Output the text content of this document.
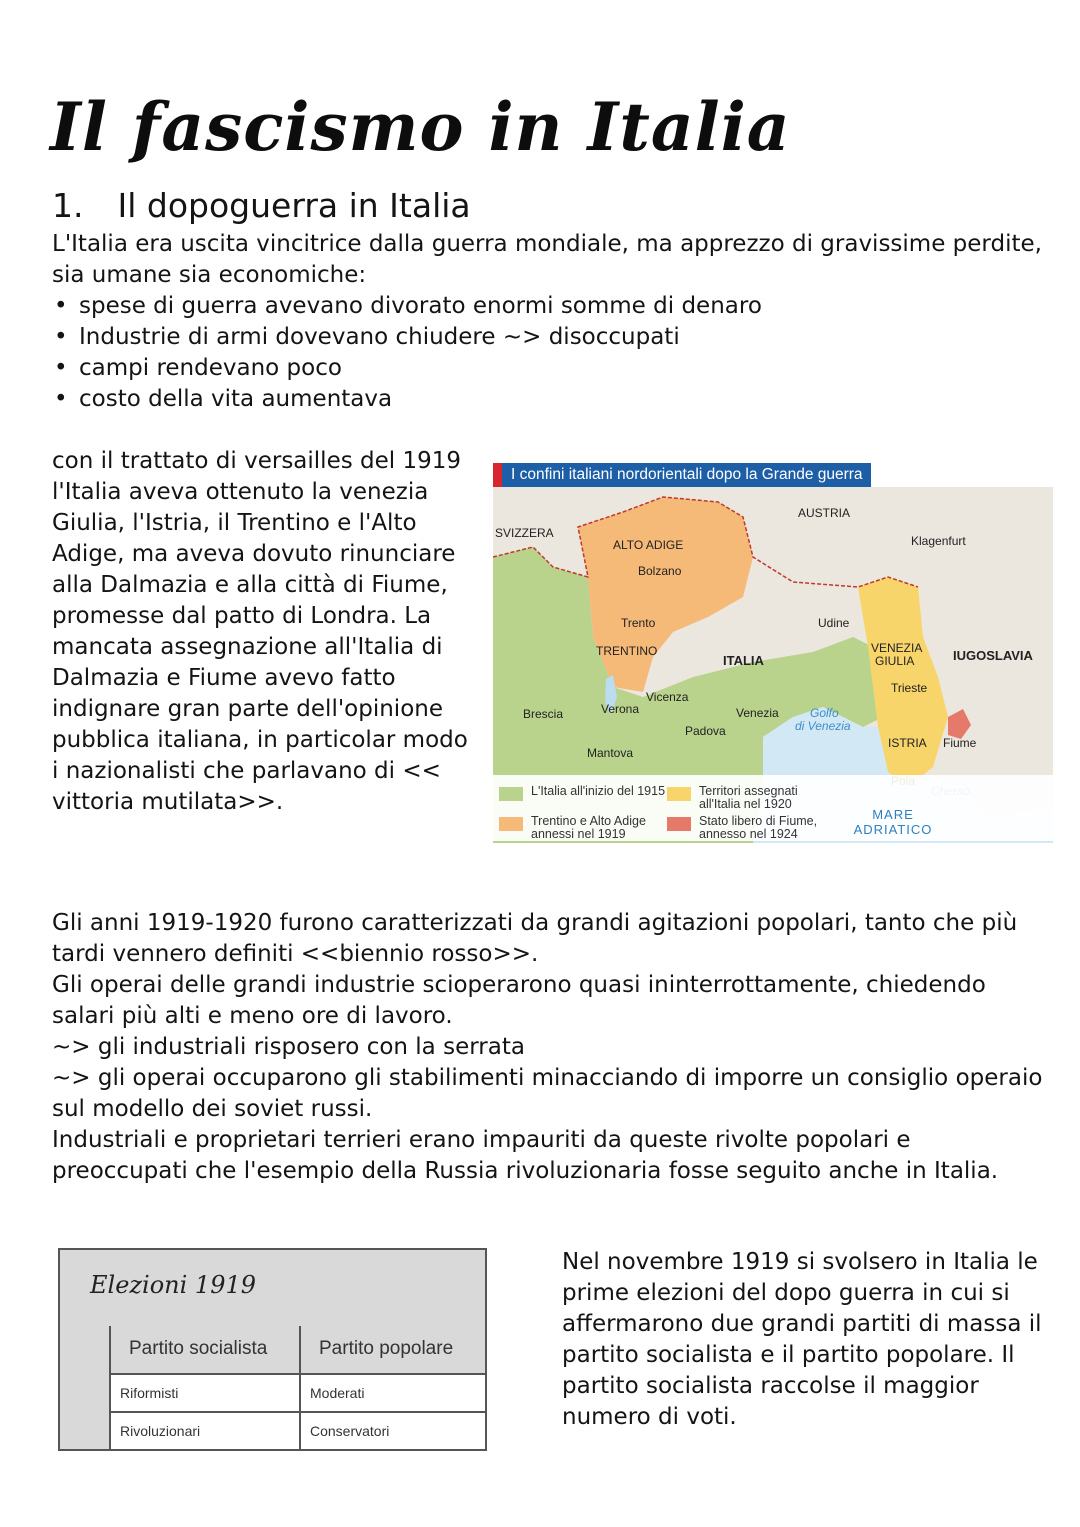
Il fascismo in Italia
1. Il dopoguerra in Italia

L'Italia era uscita vincitrice dalla guerra mondiale, ma apprezzo di gravissime perdite, sia umane sia economiche:

• spese di guerra avevano divorato enormi somme di denaro
• Industrie di armi dovevano chiudere ~> disoccupati
• campi rendevano poco
• costo della vita aumentava

con il trattato di versailles del 1919 l'Italia aveva ottenuto la venezia Giulia, l'Istria, il Trentino e l'Alto Adige, ma aveva dovuto rinunciare alla Dalmazia e alla città di Fiume, promesse dal patto di Londra. La mancata assegnazione all'Italia di Dalmazia e Fiume avevo fatto indignare gran parte dell'opinione pubblica italiana, in particolar modo i nazionalisti che parlavano di << vittoria mutilata>>.

I confini italiani nordorientali dopo la Grande guerra
SVIZZERA
AUSTRIA
ALTO ADIGE
Bolzano
Klagenfurt
Trento
TRENTINO
Udine
ITALIA
VENEZIA
GIULIA	IUGOSLAVIA
Trieste
Vicenza
Brescia	Verona	Venezia	Golfo
di Venezia
Padova
ISTRIA Fiume
Mantova
L'Italia all'inizio del 1915
Trentino e Alto Adige annessi nel 1919
Territori assegnati all'Italia nel 1920
Stato libero di Fiume, annesso nel 1924
MARE
ADRIATICO

Gli anni 1919-1920 furono caratterizzati da grandi agitazioni popolari, tanto che più tardi vennero definiti <<biennio rosso>>.

Gli operai delle grandi industrie scioperarono quasi ininterrottamente, chiedendo salari più alti e meno ore di lavoro.

~> gli industriali risposero con la serrata

~> gli operai occuparono gli stabilimenti minacciando di imporre un consiglio operaio sul modello dei soviet russi.

Industriali e proprietari terrieri erano impauriti da queste rivolte popolari e preoccupati che l'esempio della Russia rivoluzionaria fosse seguito anche in Italia.

Elezioni 1919
Partito socialista	Partito popolare
Riformisti	Moderati
Rivoluzionari	Conservatori

Nel novembre 1919 si svolsero in Italia le prime elezioni del dopo guerra in cui si affermarono due grandi partiti di massa il partito socialista e il partito popolare. Il partito socialista raccolse il maggior numero di voti.
